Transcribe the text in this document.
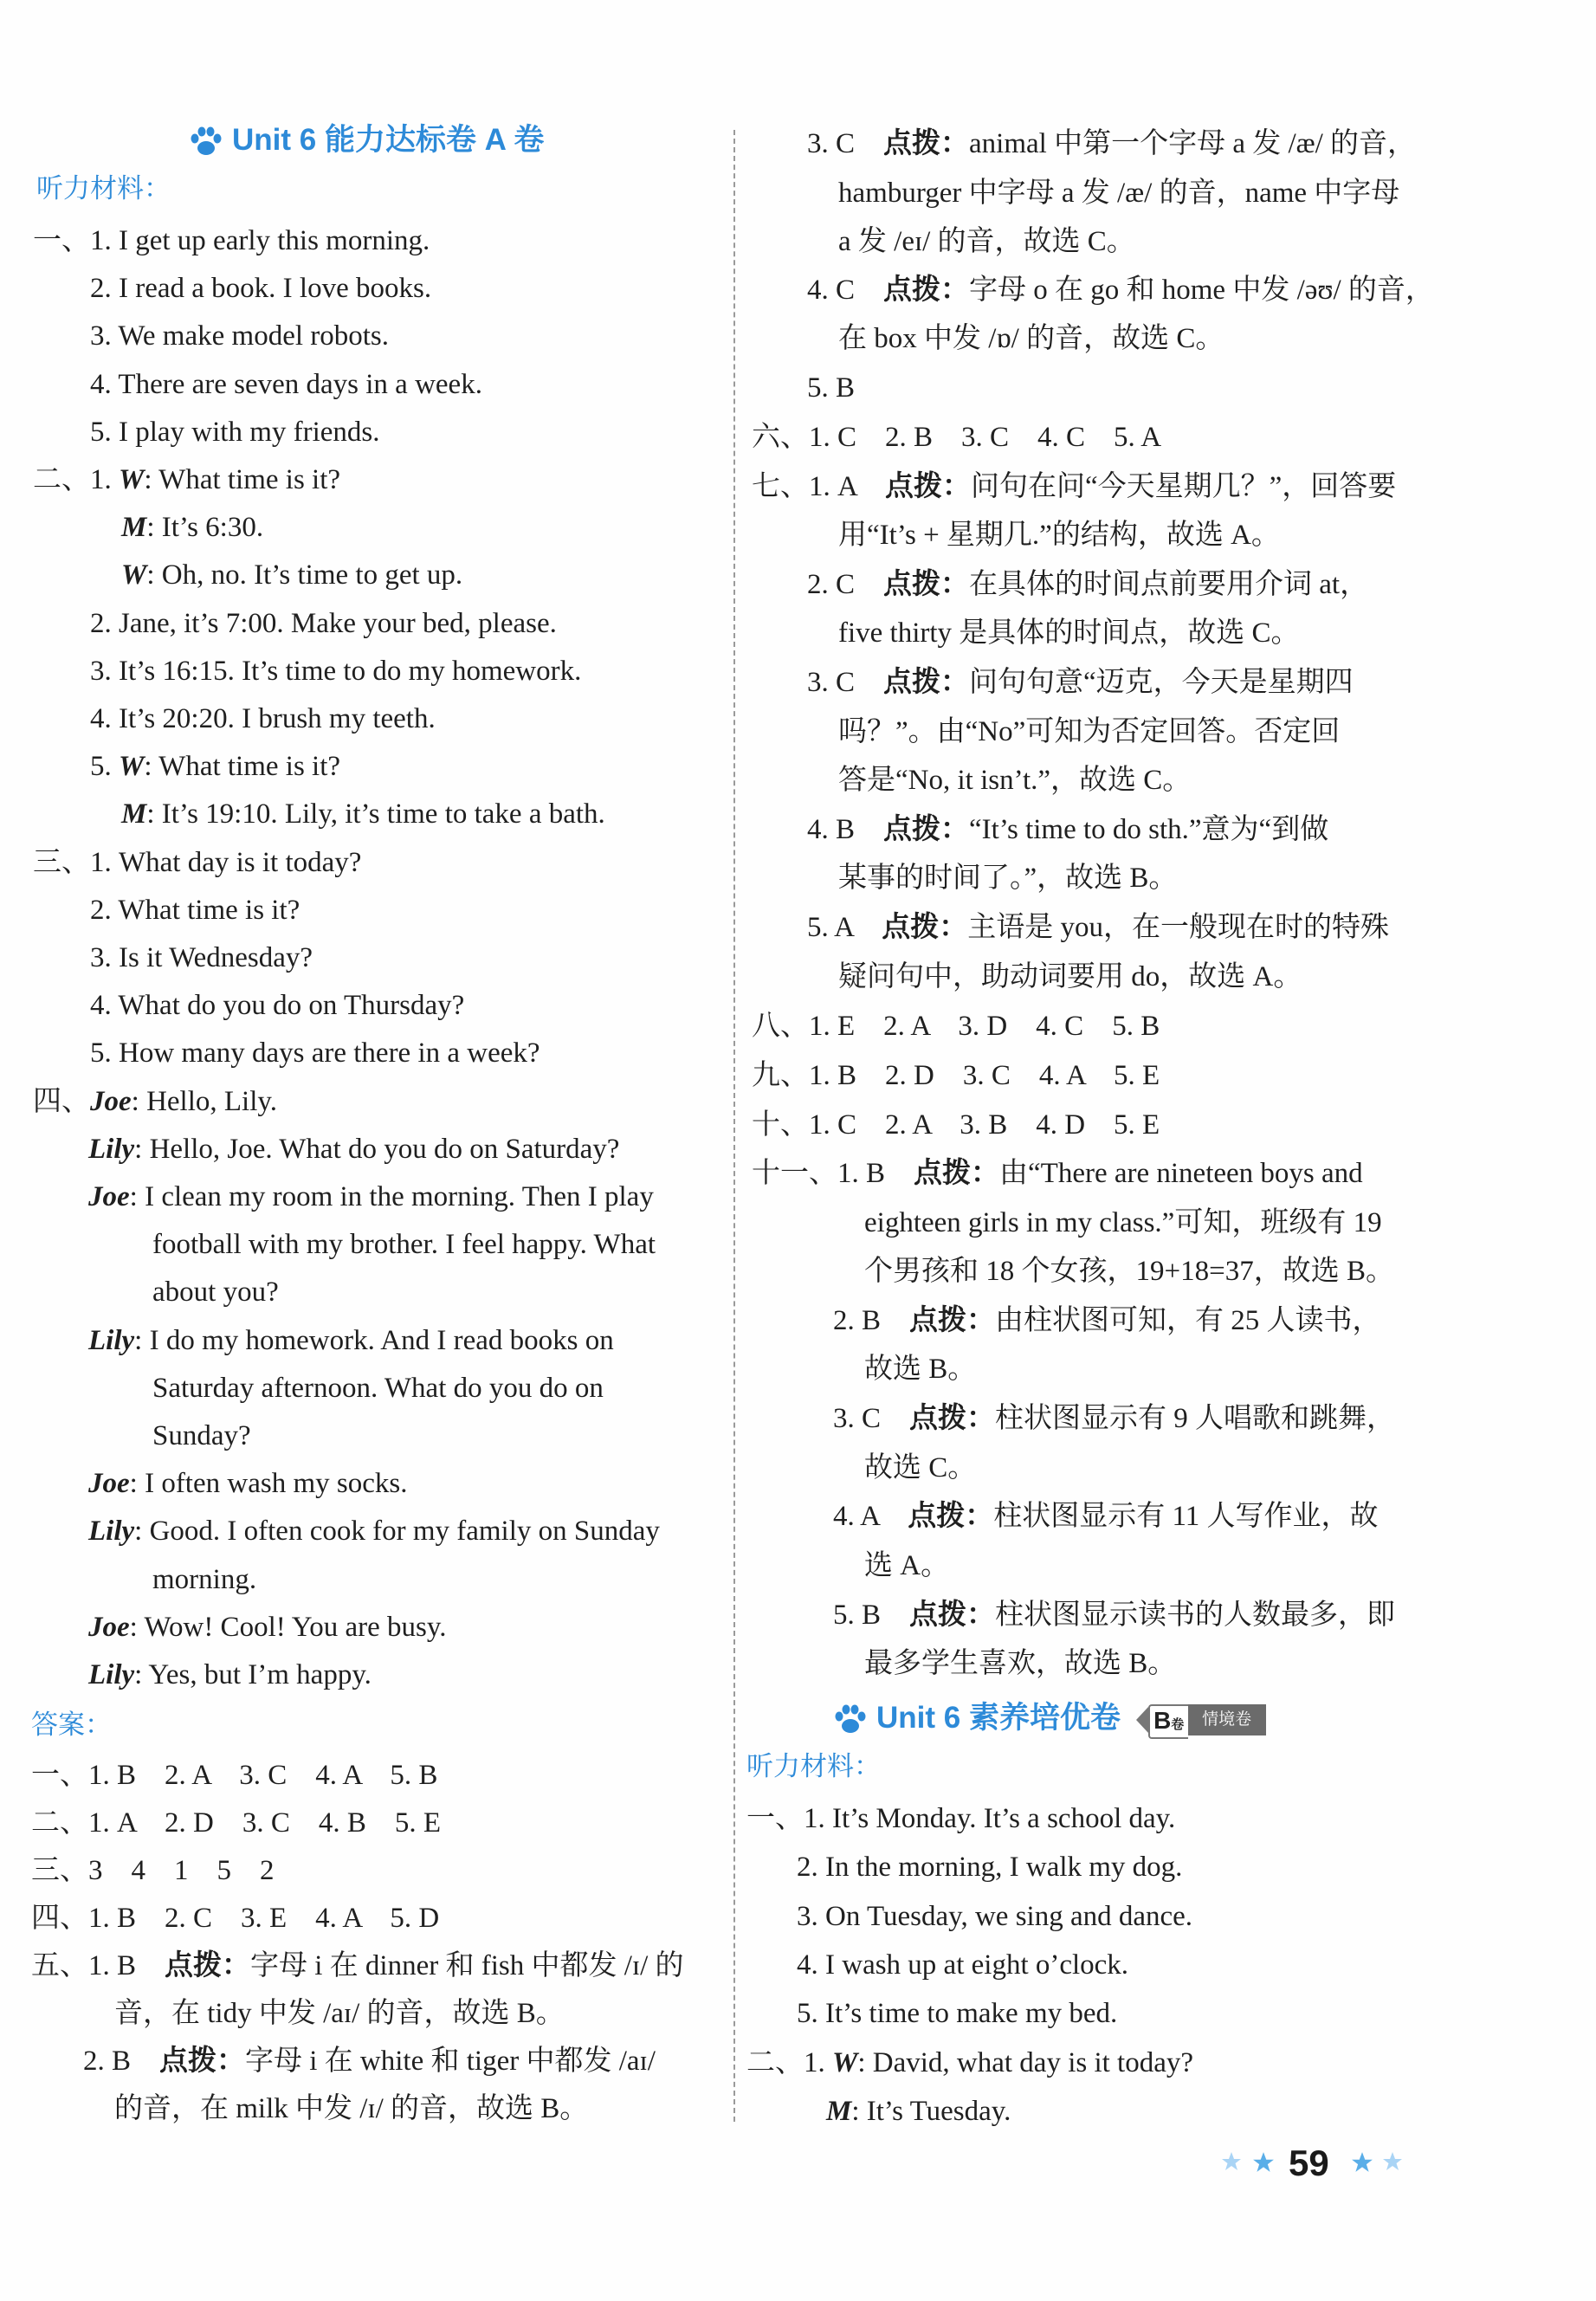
Unit 6 能力达标卷 A 卷
听力材料：
一、1. I get up early this morning.
2. I read a book. I love books.
3. We make model robots.
4. There are seven days in a week.
5. I play with my friends.
二、1. W: What time is it?
M: It’s 6:30.
W: Oh, no. It’s time to get up.
2. Jane, it’s 7:00. Make your bed, please.
3. It’s 16:15. It’s time to do my homework.
4. It’s 20:20. I brush my teeth.
5. W: What time is it?
M: It’s 19:10. Lily, it’s time to take a bath.
三、1. What day is it today?
2. What time is it?
3. Is it Wednesday?
4. What do you do on Thursday?
5. How many days are there in a week?
四、Joe: Hello, Lily.
Lily: Hello, Joe. What do you do on Saturday?
Joe: I clean my room in the morning. Then I play
football with my brother. I feel happy. What
about you?
Lily: I do my homework. And I read books on
Saturday afternoon. What do you do on
Sunday?
Joe: I often wash my socks.
Lily: Good. I often cook for my family on Sunday
morning.
Joe: Wow! Cool! You are busy.
Lily: Yes, but I’m happy.
答案：
一、1. B　2. A　3. C　4. A　5. B
二、1. A　2. D　3. C　4. B　5. E
三、3　4　1　5　2
四、1. B　2. C　3. E　4. A　5. D
五、1. B　点拨：字母 i 在 dinner 和 fish 中都发 /ɪ/ 的
音，在 tidy 中发 /aɪ/ 的音，故选 B。
2. B　点拨：字母 i 在 white 和 tiger 中都发 /aɪ/
的音，在 milk 中发 /ɪ/ 的音，故选 B。
3. C　点拨：animal 中第一个字母 a 发 /æ/ 的音，
hamburger 中字母 a 发 /æ/ 的音，name 中字母
a 发 /eɪ/ 的音，故选 C。
4. C　点拨：字母 o 在 go 和 home 中发 /əʊ/ 的音，
在 box 中发 /ɒ/ 的音，故选 C。
5. B
六、1. C　2. B　3. C　4. C　5. A
七、1. A　点拨：问句在问“今天星期几？”，回答要
用“It’s + 星期几.”的结构，故选 A。
2. C　点拨：在具体的时间点前要用介词 at，
five thirty 是具体的时间点，故选 C。
3. C　点拨：问句句意“迈克，今天是星期四
吗？”。由“No”可知为否定回答。否定回
答是“No, it isn’t.”，故选 C。
4. B　点拨：“It’s time to do sth.”意为“到做
某事的时间了。”，故选 B。
5. A　点拨：主语是 you，在一般现在时的特殊
疑问句中，助动词要用 do，故选 A。
八、1. E　2. A　3. D　4. C　5. B
九、1. B　2. D　3. C　4. A　5. E
十、1. C　2. A　3. B　4. D　5. E
十一、1. B　点拨：由“There are nineteen boys and
eighteen girls in my class.”可知，班级有 19
个男孩和 18 个女孩，19+18=37，故选 B。
2. B　点拨：由柱状图可知，有 25 人读书，
故选 B。
3. C　点拨：柱状图显示有 9 人唱歌和跳舞，
故选 C。
4. A　点拨：柱状图显示有 11 人写作业，故
选 A。
5. B　点拨：柱状图显示读书的人数最多，即
最多学生喜欢，故选 B。
Unit 6 素养培优卷 B卷	情境卷
听力材料：
一、1. It’s Monday. It’s a school day.
2. In the morning, I walk my dog.
3. On Tuesday, we sing and dance.
4. I wash up at eight o’clock.
5. It’s time to make my bed.
二、1. W: David, what day is it today?
M: It’s Tuesday.
59
